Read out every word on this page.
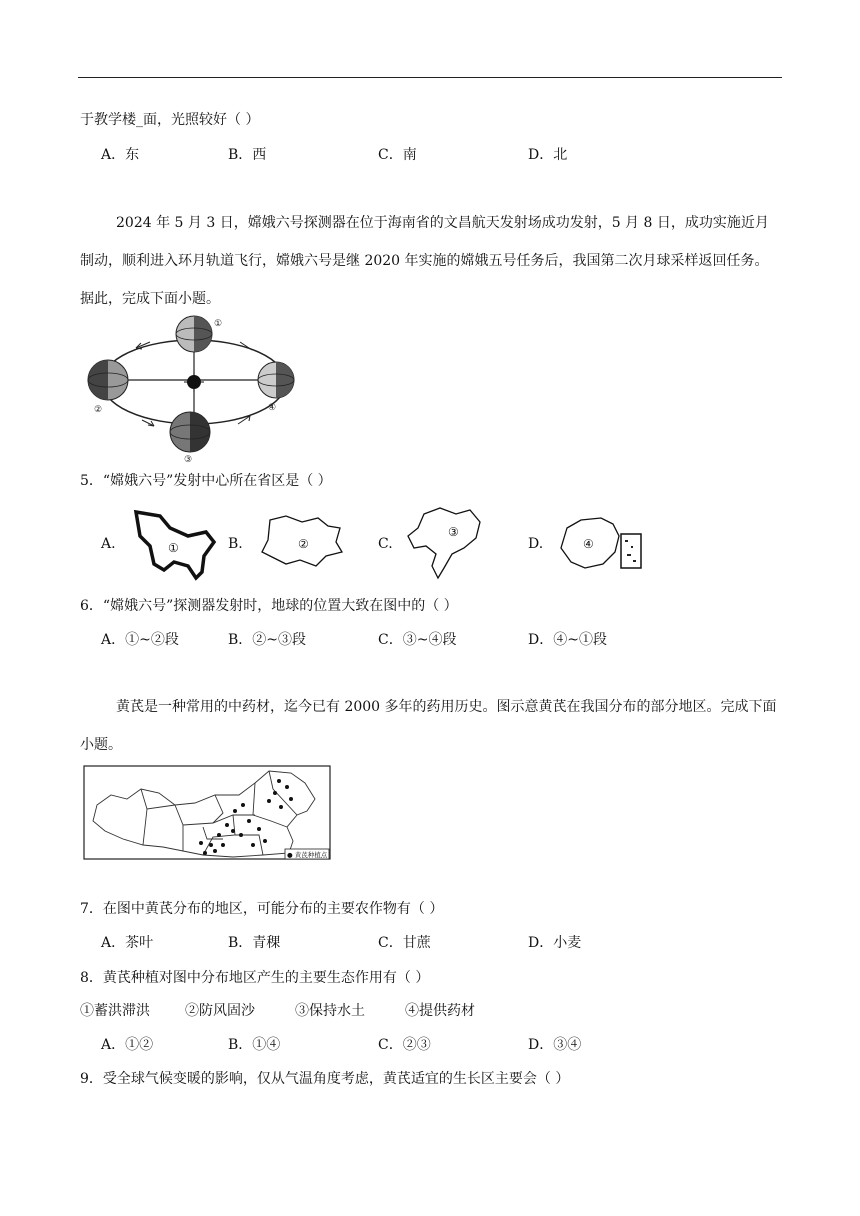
于教学楼_面，光照较好（ ）
A．东	B．西	C．南	D．北
2024 年 5 月 3 日，嫦娥六号探测器在位于海南省的文昌航天发射场成功发射，5 月 8 日，成功实施近月制动，顺利进入环月轨道飞行，嫦娥六号是继 2020 年实施的嫦娥五号任务后，我国第二次月球采样返回任务。据此，完成下面小题。
①
②
③
④
5．“嫦娥六号”发射中心所在省区是（ ）
A.	B.	C.	D.
①	②
③
④
6．“嫦娥六号”探测器发射时，地球的位置大致在图中的（ ）
A．①~②段	B．②~③段	C．③~④段	D．④~①段
黄芪是一种常用的中药材，迄今已有 2000 多年的药用历史。图示意黄芪在我国分布的部分地区。完成下面小题。
● 黄芪种植点
7．在图中黄芪分布的地区，可能分布的主要农作物有（ ）
A．茶叶	B．青稞	C．甘蔗	D．小麦
8．黄芪种植对图中分布地区产生的主要生态作用有（ ）
①蓄洪滞洪	②防风固沙	③保持水土	④提供药材
A．①②	B．①④	C．②③	D．③④
9．受全球气候变暖的影响，仅从气温角度考虑，黄芪适宜的生长区主要会（ ）
